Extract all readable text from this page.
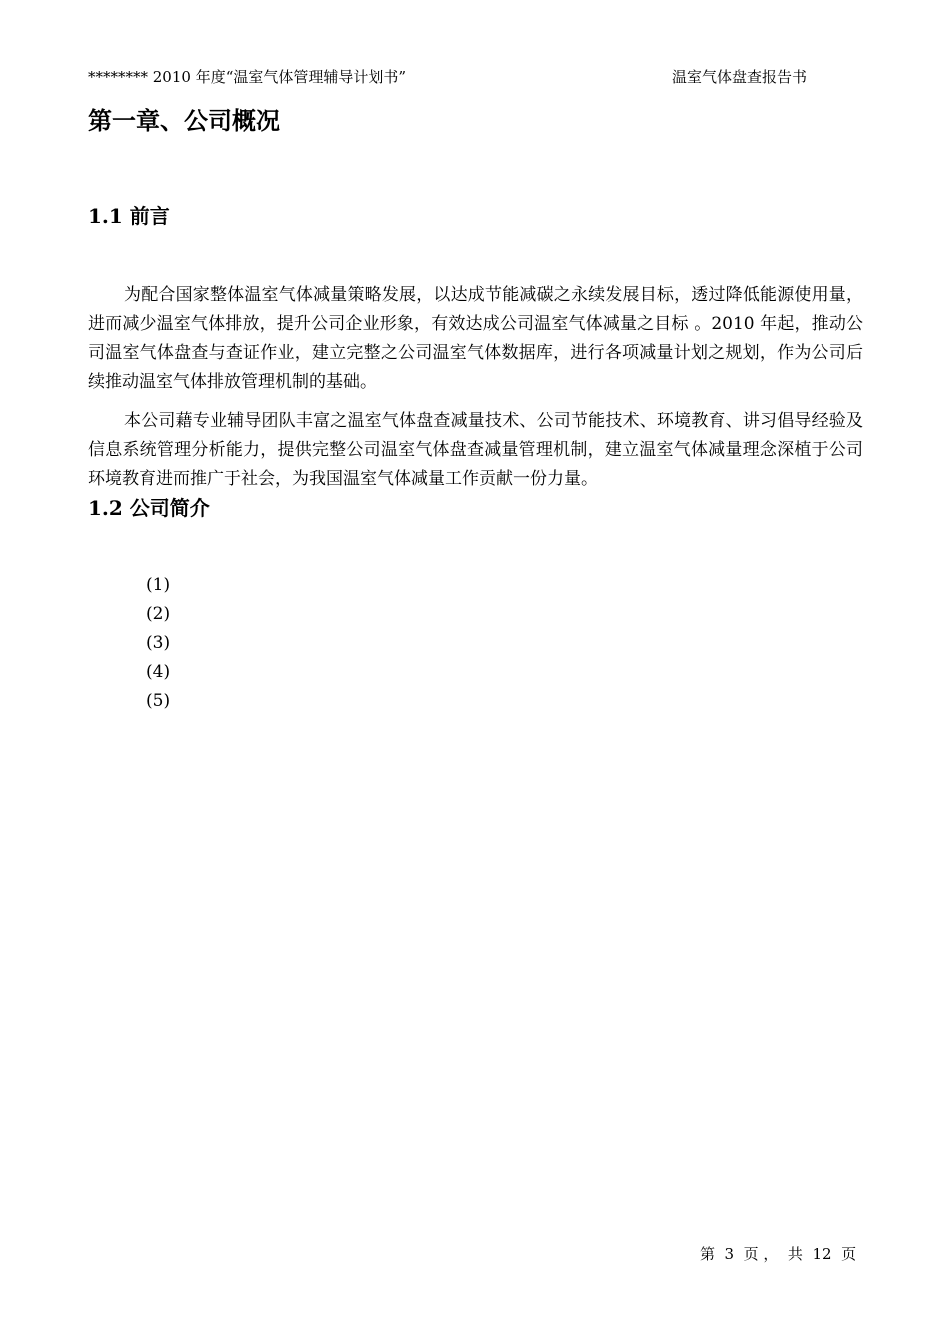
******** 2010 年度“温室气体管理辅导计划书”	温室气体盘查报告书
第一章、公司概况
1.1 前言

为配合国家整体温室气体减量策略发展，以达成节能减碳之永续发展目标，透过降低能源使用量，进而减少温室气体排放，提升公司企业形象，有效达成公司温室气体减量之目标 。2010 年起，推动公司温室气体盘查与查证作业，建立完整之公司温室气体数据库，进行各项减量计划之规划，作为公司后续推动温室气体排放管理机制的基础。

本公司藉专业辅导团队丰富之温室气体盘查减量技术、公司节能技术、环境教育、讲习倡导经验及信息系统管理分析能力，提供完整公司温室气体盘查减量管理机制，建立温室气体减量理念深植于公司环境教育进而推广于社会，为我国温室气体减量工作贡献一份力量。

1.2 公司简介
(1)
(2)
(3)
(4)
(5)
第  3  页 ，  共  12  页
